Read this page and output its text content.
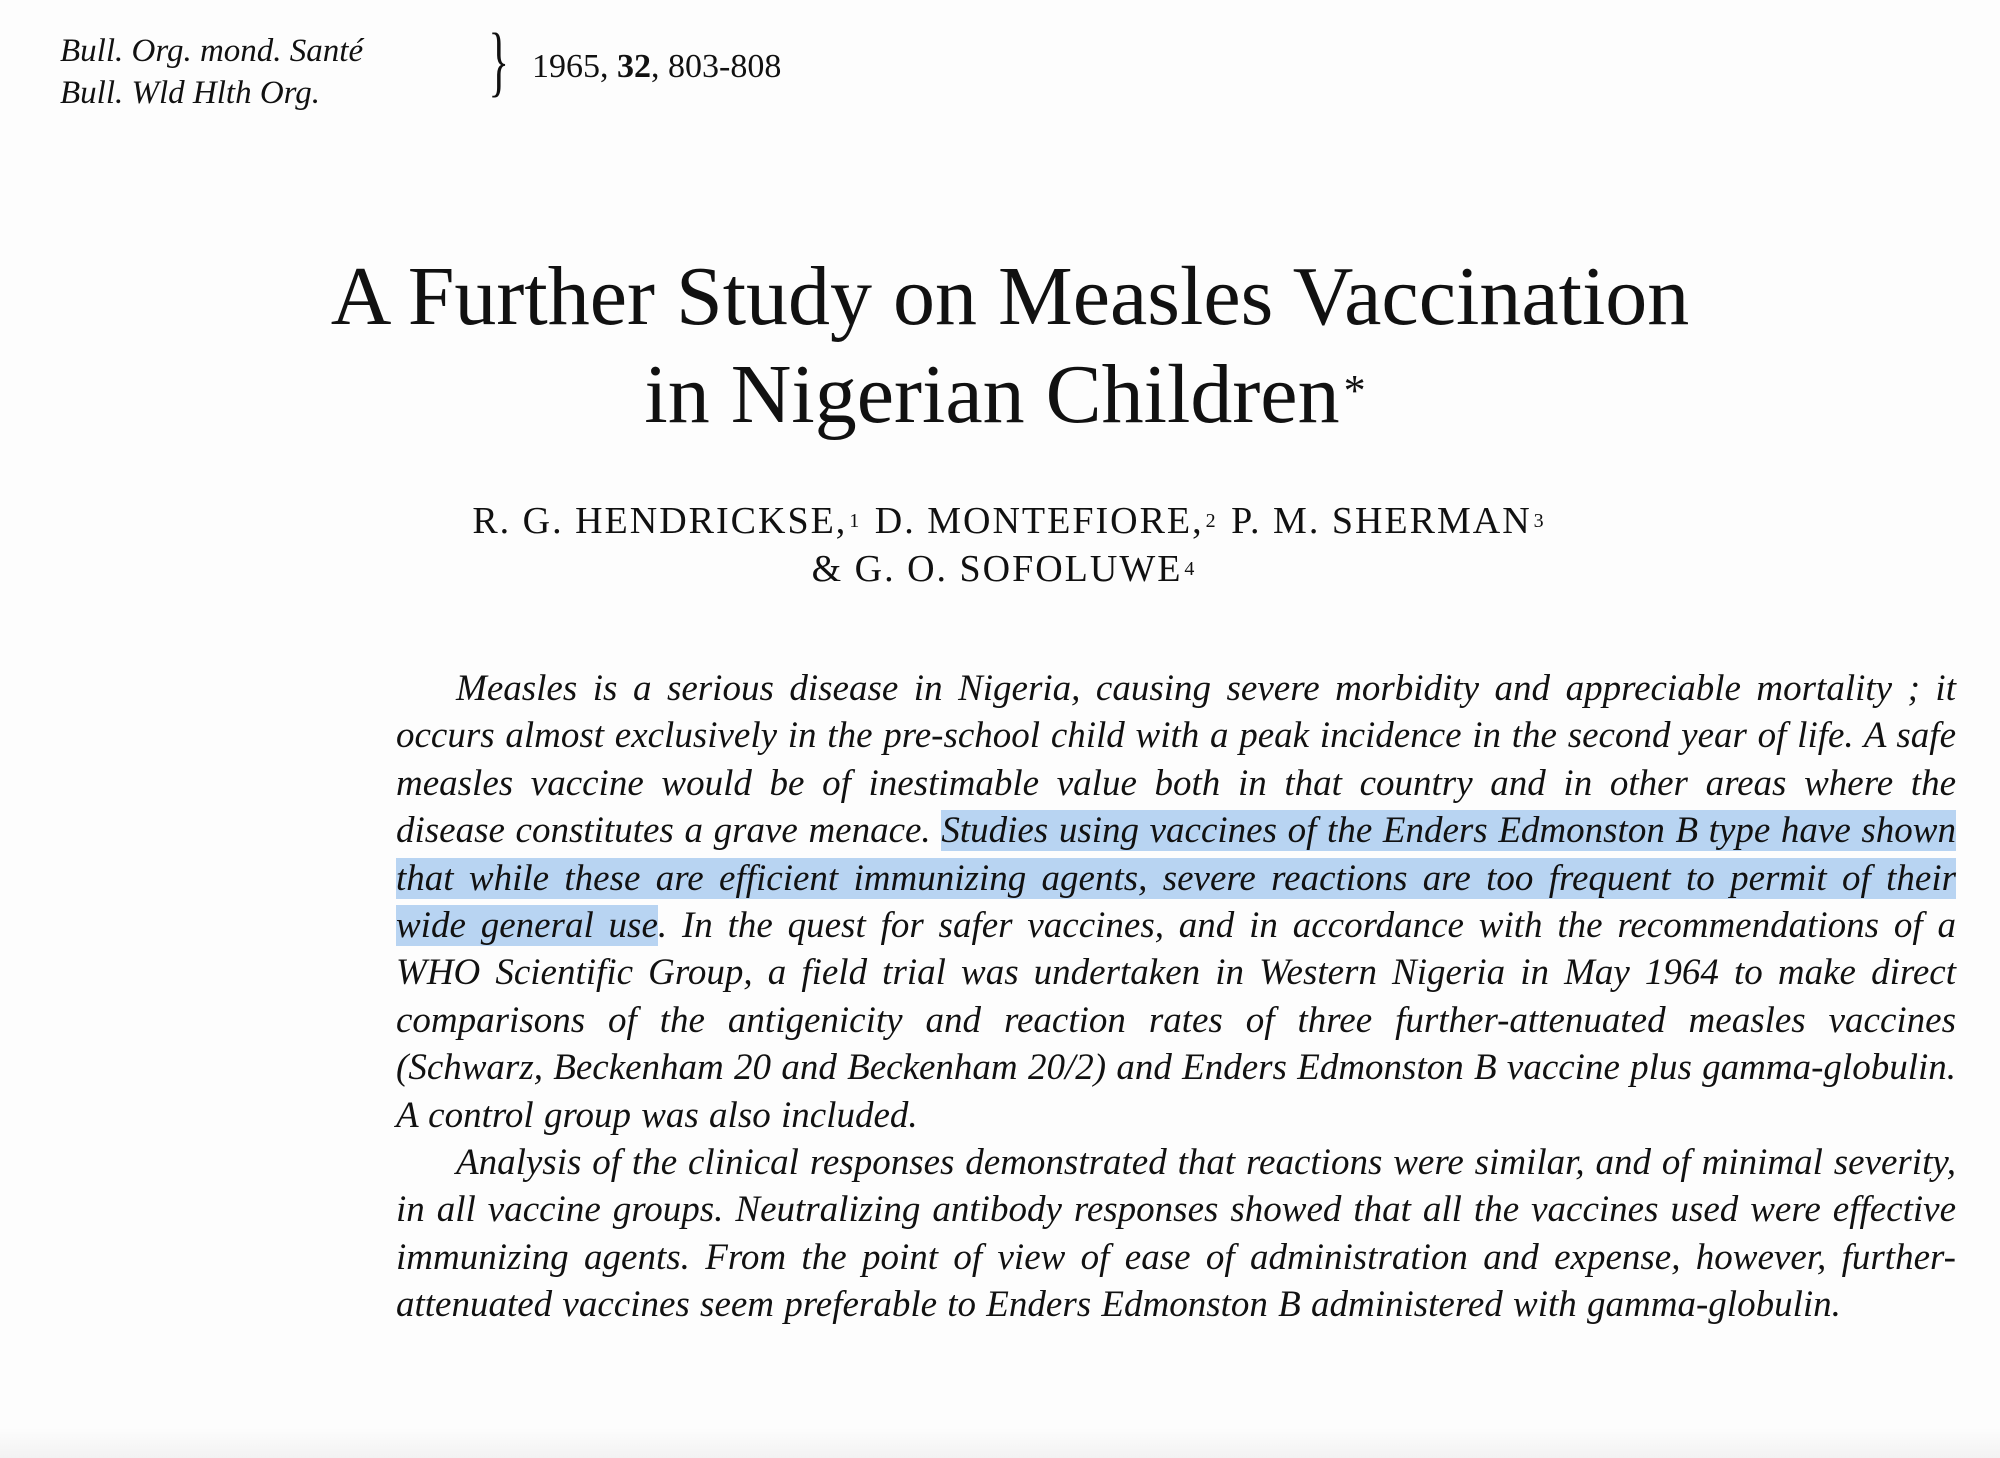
Bull. Org. mond. Santé
Bull. Wld Hlth Org.	} 1965, 32, 803-808
A Further Study on Measles Vaccination
in Nigerian Children*
R. G. HENDRICKSE, $^1$ D. MONTEFIORE, $^2$ P. M. SHERMAN $^3$
& G. O. SOFOLUWE $^4$

Measles is a serious disease in Nigeria, causing severe morbidity and appreciable mortality ; it occurs almost exclusively in the pre-school child with a peak incidence in the second year of life. A safe measles vaccine would be of inestimable value both in that country and in other areas where the disease constitutes a grave menace. Studies using vaccines of the Enders Edmonston B type have shown that while these are efficient immunizing agents, severe reactions are too frequent to permit of their wide general use. In the quest for safer vaccines, and in accordance with the recommendations of a WHO Scientific Group, a field trial was undertaken in Western Nigeria in May 1964 to make direct comparisons of the antigenicity and reaction rates of three further-attenuated measles vaccines (Schwarz, Beckenham 20 and Beckenham 20/2) and Enders Edmonston B vaccine plus gamma-globulin. A control group was also included.

Analysis of the clinical responses demonstrated that reactions were similar, and of minimal severity, in all vaccine groups. Neutralizing antibody responses showed that all the vaccines used were effective immunizing agents. From the point of view of ease of administration and expense, however, further-attenuated vaccines seem preferable to Enders Edmonston B administered with gamma-globulin.
